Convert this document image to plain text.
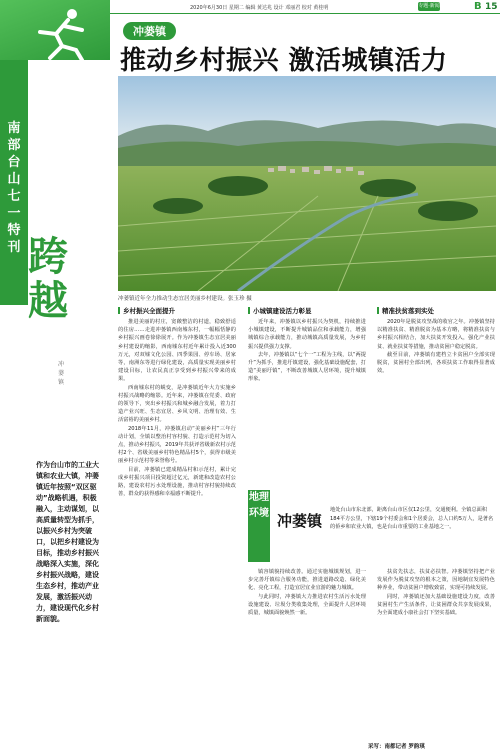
2020年6月30日 星期二 编辑 黄达兆 设计 邓丽君 校对 黄桂明	专题·新闻	B 15
南
部
台
山
七
一
特
刊 跨
越
冲蒌镇
作为台山市的工业大镇和农业大镇，冲蒌镇近年按照“双区驱动”战略机遇，积极融入，主动谋划，以高质量转型为抓手，以振兴乡村为突破口，以把乡村建设为目标，推动乡村振兴战略深入实施，深化乡村振兴战略，建设生态乡村，推动产业发展，激活振兴动力，建设现代化乡村新面貌。
冲蒌镇
推动乡村振兴 激活城镇活力
冲蒌镇近年全力推动生态宜居美丽乡村建设。张玉珍 摄
乡村振兴全面提升

推进美丽的村庄，宽敞整洁的村道，稳致舒适的住房……走进冲蒌镇西南墟东村，一幅幅恬静的乡村振兴画卷徐徐展开。作为冲蒌镇生态宜居美丽乡村建设的缩影，西南墟东村近年累计投入近300万元，对双墟文化公园、四季果园、停车场、居家等，南洲东等进行绿化建设，高质量实现美丽乡村建设目标，让农民真正享受到乡村振兴带来的成果。

西南墟东村的蜕变，是冲蒌镇近年大力实施乡村振兴战略的缩影。近年来，冲蒌镇在党委、政府的领导下，突出乡村振兴和城乡融合发展，着力打造产业兴旺、生态宜居、乡风文明、治理有效、生活富裕的美丽乡村。

2018年11月，冲蒌镇启动“美丽乡村”三年行动计划，全镇以整治村容村貌、打造示范村为切入点，推动乡村振兴，2019年共获评省级新农村示范村2个、省级美丽乡村特色精品村5个，获得市级美丽乡村示范村等荣誉称号。

目前，冲蒌镇已建成精品村和示范村，累计完成乡村振兴项目投资超过亿元，新建和改造农村公路，建设农村污水处理设施，推动村容村貌持续改善，群众的获得感和幸福感不断提升。

小城镇建设活力彰显

近年来，冲蒌镇以乡村振兴为契机，持续推进小城镇建设，不断提升城镇品位和承载能力，增强城镇综合承载能力，推动城镇高质量发展，为乡村振兴提供强力支撑。

去年，冲蒌镇以“七个一”工程为主线，以“两提升”为抓手，推进圩镇建设，强化基础设施配套，打造“美丽圩镇”，不断改善城镇人居环境，提升城镇形象。

镇容镇貌持续改善。通过实施城镇规划，进一步完善圩镇综合服务功能，推进道路改造、绿化美化、亮化工程，打造宜居宜业宜游的魅力城镇。

与此同时，冲蒌镇大力推进农村生活污水处理设施建设、垃圾分类收集处理，全面提升人居环境质量，城镇面貌焕然一新。

精准扶贫落到实处

2020年是脱贫攻坚战的收官之年。冲蒌镇坚持以精准扶贫、精准脱贫为基本方略，将精准扶贫与乡村振兴相结合，加大扶贫开发投入，强化产业扶贫、就业扶贫等措施，推动贫困户稳定脱贫。

截至目前，冲蒌镇有建档立卡贫困户全部实现脱贫，贫困村全部出列，各项扶贫工作取得显著成效。

扶贫先扶志，扶贫必扶智。冲蒌镇坚持把产业发展作为脱贫攻坚的根本之策，因地制宜发展特色种养业，带动贫困户增收致富，实现可持续发展。

同时，冲蒌镇还加大基础设施建设力度，改善贫困村生产生活条件，让贫困群众共享发展成果，为全面建成小康社会打下坚实基础。

地理环境 冲蒌镇
地处台山市东北部，距离台山市区仅12公里，交通便利。全镇总面积184平方公里，下辖19个村委会和1个居委会，总人口约5万人，是著名的侨乡和农业大镇，也是台山市重要的工业基地之一。
采写：南都记者 罗韵琪
